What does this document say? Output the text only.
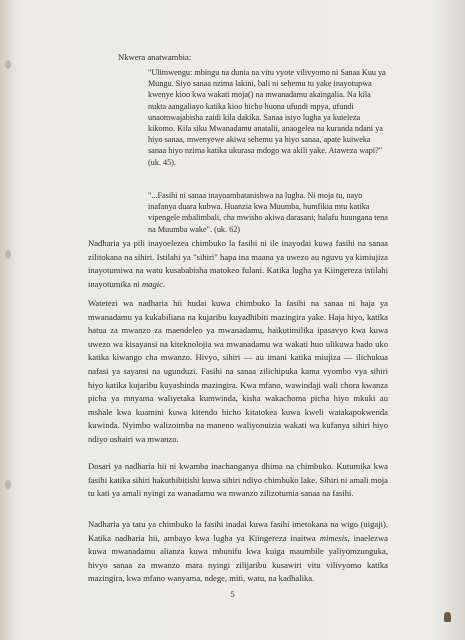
Nkwera anatwambia:

"Ulimwengu: mbingu na dunia na vitu vyote vilivyomo ni Sanaa Kuu ya Mungu. Siyo sanaa nzima lakini, bali ni sehemu tu yake inayotupwa kwenye kioo kwa wakati moja() na mwanadamu akaingalia. Na kila nukta aangaliayo katika kioo hicho huona ufundi mpya, ufundi unaomwajabisha zaidi kila dakika. Sanaa isiyo lugha ya kuieleza kikomo. Kila siku Mwanadamu anatalii, anaogelea na kuranda ndani ya hiyo sanaa, mwenyewe akiwa sehemu ya hiyo sanaa, apate kuiweka sanaa hiyo nzima katika ukurasa mdogo wa akili yake. Ataweza wapi?" (uk. 45).

"...Fasihi ni sanaa inayoambatanishwa na lugha. Ni moja tu, nayo inafanya duara kubwa. Huanzia kwa Muumba, humfikia mtu katika vipengele mbalimbali, cha mwisho akiwa darasani; halafu huungana tena na Muumba wake". (uk. 62)

Nadharia ya pili inayoelezea chimbuko la fasihi ni ile inayodai kuwa fasihi na sanaa zilitokana na sihiri. Istilahi ya "sihiri" hapa ina maana ya uwezo au nguvu ya kimiujiza inayotumiwa na watu kusababisha matokeo fulani. Katika lugha ya Kiingereza istilahi inayotumika ni magic.

Watetezi wa nadharia hii hudai kuwa chimbuko la fasihi na sanaa ni haja ya mwanadamu ya kukabiliana na kujaribu kuyadhibiti mazingira yake. Haja hiyo, katika hatua za mwanzo za maendeleo ya mwanadamu, haikutimilika ipasavyo kwa kuwa uwezo wa kisayansi na kiteknolojia wa mwanadamu wa wakati huo ulikuwa bado uko katika kiwango cha mwanzo. Hivyo, sihiri — au imani katika miujiza — ilichukua nafasi ya sayansi na ugunduzi. Fasihi na sanaa zilichipuka kama vyombo vya sihiri hiyo katika kujaribu kuyashinda mazingira. Kwa mfano, wawindaji wali chora kwanza picha ya mnyama waliyetaka kumwinda, kisha wakachoma picha hiyo mkuki au mshale kwa kuamini kuwa kitendo hicho kitatokea kuwa kweli watakapokwenda kuwinda. Nyimbo walizoimba na maneno waliyonuizia wakati wa kufanya sihiri hiyo ndiyo ushairi wa mwanzo.

Dosari ya nadharia hii ni kwamba inachanganya dhima na chimbuko. Kutumika kwa fasihi katika sihiri hakuthibitishi kuwa sihiri ndiyo chimbuko lake. Sihiri ni amali moja tu kati ya amali nyingi za wanadamu wa mwanzo zilizotumia sanaa na fasihi.

Nadharia ya tatu ya chimbuko la fasihi inadai kuwa fasihi imetokana na wigo (uigaji). Katika nadharia hii, ambayo kwa lugha ya Kiingereza inaitwa mimesis, inaelezwa kuwa mwanadamu alianza kuwa mbunifu kwa kuiga maumbile yaliyomzunguka, hivyo sanaa za mwanzo mara nyingi zilijaribu kusawiri vitu vilivyomo katika mazingira, kwa mfano wanyama, ndege, miti, watu, na kadhalika.

5
